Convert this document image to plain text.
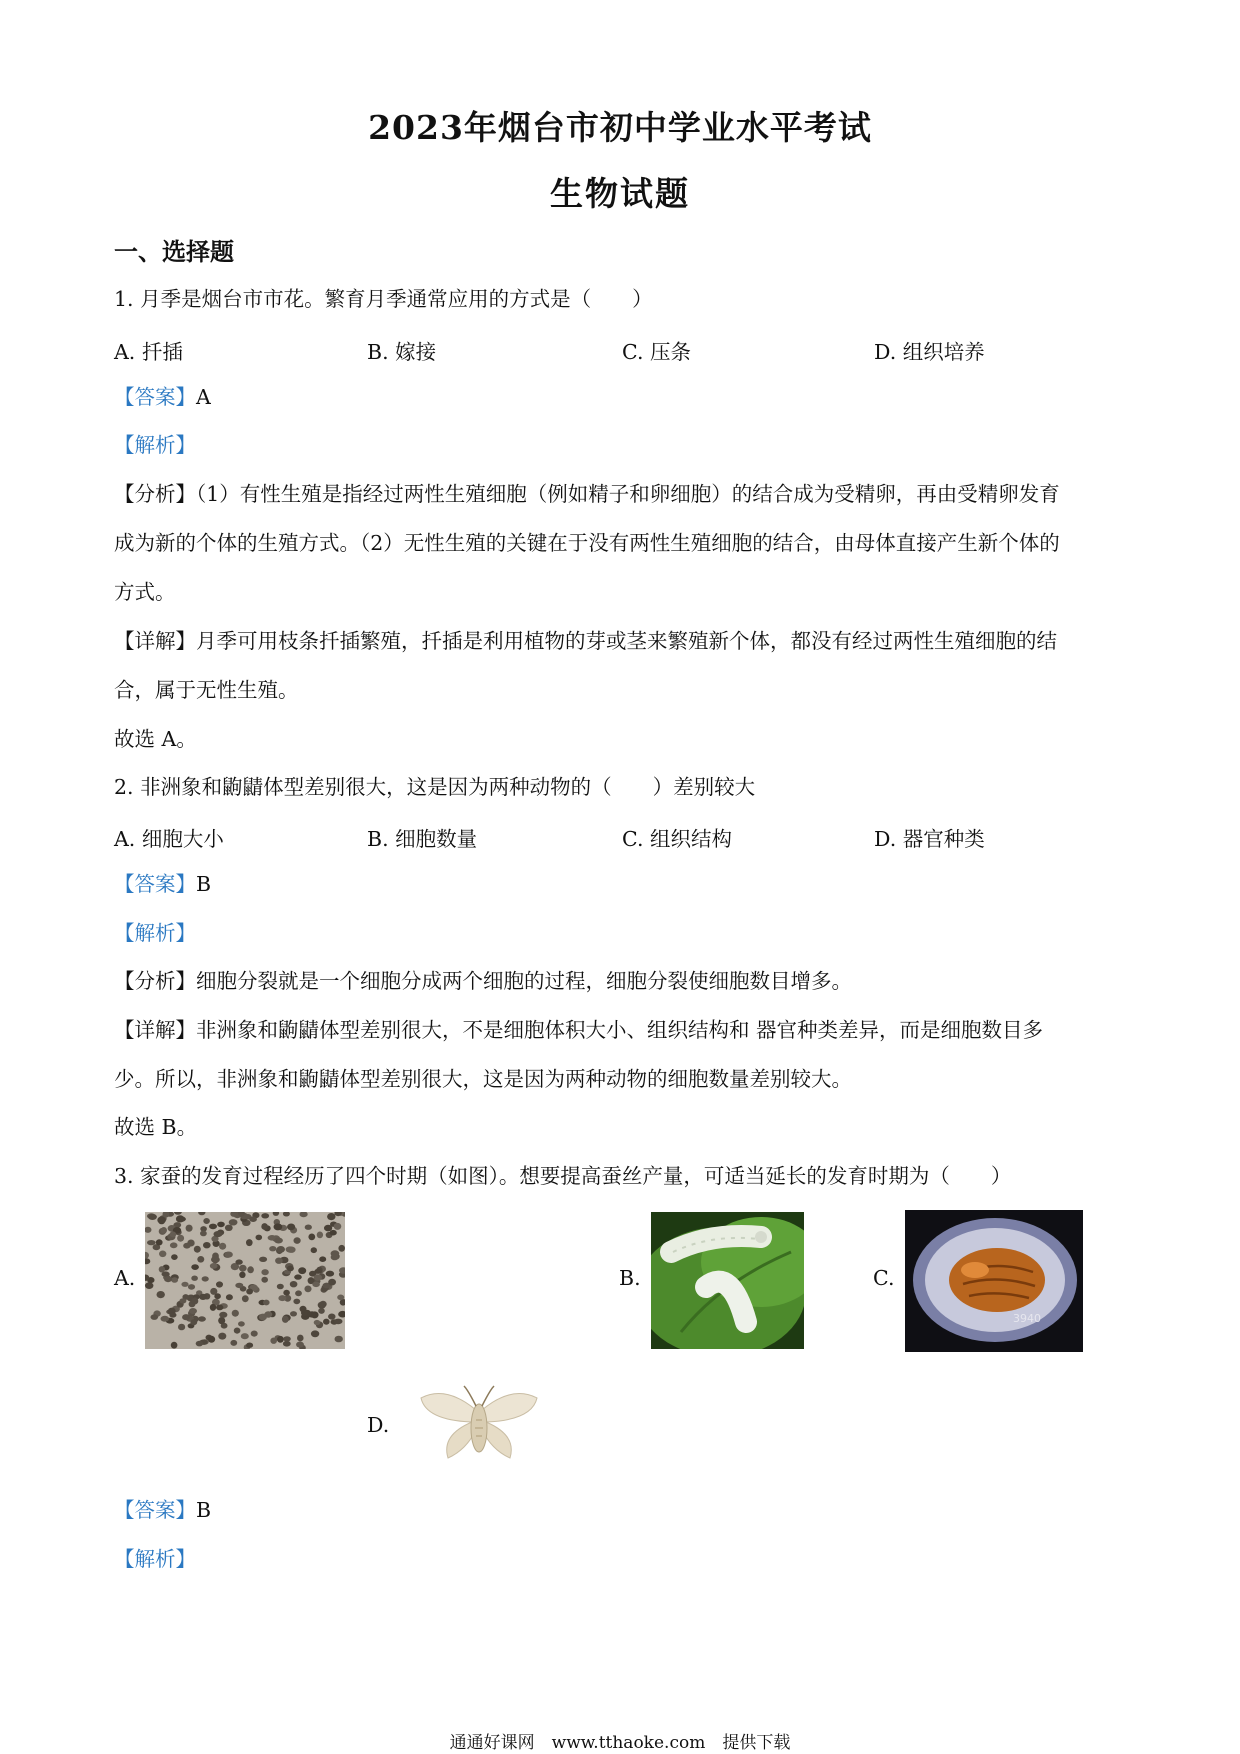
2023年烟台市初中学业水平考试
生物试题
一、选择题
1. 月季是烟台市市花。繁育月季通常应用的方式是（　　）
A. 扦插	B. 嫁接	C. 压条	D. 组织培养
【答案】A
【解析】
【分析】（1）有性生殖是指经过两性生殖细胞（例如精子和卵细胞）的结合成为受精卵，再由受精卵发育
成为新的个体的生殖方式。（2）无性生殖的关键在于没有两性生殖细胞的结合，由母体直接产生新个体的
方式。
【详解】月季可用枝条扦插繁殖，扦插是利用植物的芽或茎来繁殖新个体，都没有经过两性生殖细胞的结
合，属于无性生殖。
故选 A。
2. 非洲象和鼩鼱体型差别很大，这是因为两种动物的（　　）差别较大
A. 细胞大小	B. 细胞数量	C. 组织结构	D. 器官种类
【答案】B
【解析】
【分析】细胞分裂就是一个细胞分成两个细胞的过程，细胞分裂使细胞数目增多。
【详解】非洲象和鼩鼱体型差别很大，不是细胞体积大小、组织结构和 器官种类差异，而是细胞数目多
少。所以，非洲象和鼩鼱体型差别很大，这是因为两种动物的细胞数量差别较大。
故选 B。
3. 家蚕的发育过程经历了四个时期（如图）。想要提高蚕丝产量，可适当延长的发育时期为（　　）
A.	B.	C.
3940
D.
【答案】B
【解析】
通通好课网　www.tthaoke.com　提供下载
